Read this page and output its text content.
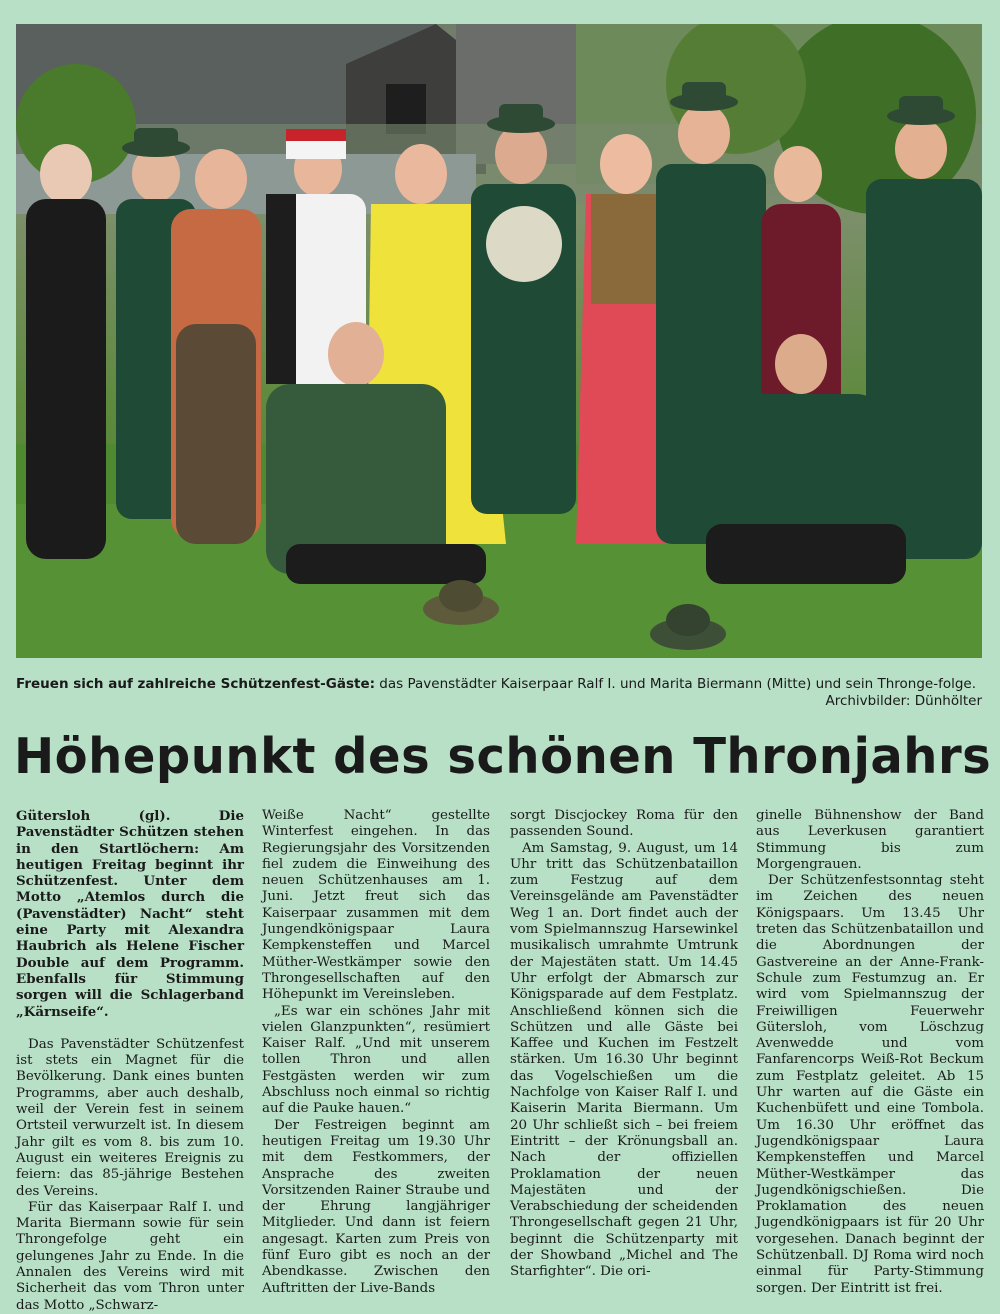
Freuen sich auf zahlreiche Schützenfest-Gäste: das Pavenstädter Kaiserpaar Ralf I. und Marita Biermann (Mitte) und sein Thronge-folge.
Archivbilder: Dünhölter
Höhepunkt des schönen Thronjahrs

Gütersloh (gl). Die Pavenstädter Schützen stehen in den Startlöchern: Am heutigen Freitag beginnt ihr Schützenfest. Unter dem Motto „Atemlos durch die (Pavenstädter) Nacht“ steht eine Party mit Alexandra Haubrich als Helene Fischer Double auf dem Programm. Ebenfalls für Stimmung sorgen will die Schlagerband „Kärnseife“.

Das Pavenstädter Schützenfest ist stets ein Magnet für die Bevölkerung. Dank eines bunten Programms, aber auch deshalb, weil der Verein fest in seinem Ortsteil verwurzelt ist. In diesem Jahr gilt es vom 8. bis zum 10. August ein weiteres Ereignis zu feiern: das 85-jährige Bestehen des Vereins.

Für das Kaiserpaar Ralf I. und Marita Biermann sowie für sein Throngefolge geht ein gelungenes Jahr zu Ende. In die Annalen des Vereins wird mit Sicherheit das vom Thron unter das Motto „Schwarz-

Weiße Nacht“ gestellte Winterfest eingehen. In das Regierungsjahr des Vorsitzenden fiel zudem die Einweihung des neuen Schützenhauses am 1. Juni. Jetzt freut sich das Kaiserpaar zusammen mit dem Jungendkönigspaar Laura Kempkensteffen und Marcel Müther-Westkämper sowie den Throngesellschaften auf den Höhepunkt im Vereinsleben.

„Es war ein schönes Jahr mit vielen Glanzpunkten“, resümiert Kaiser Ralf. „Und mit unserem tollen Thron und allen Festgästen werden wir zum Abschluss noch einmal so richtig auf die Pauke hauen.“

Der Festreigen beginnt am heutigen Freitag um 19.30 Uhr mit dem Festkommers, der Ansprache des zweiten Vorsitzenden Rainer Straube und der Ehrung langjähriger Mitglieder. Und dann ist feiern angesagt. Karten zum Preis von fünf Euro gibt es noch an der Abendkasse. Zwischen den Auftritten der Live-Bands

sorgt Discjockey Roma für den passenden Sound.

Am Samstag, 9. August, um 14 Uhr tritt das Schützenbataillon zum Festzug auf dem Vereinsgelände am Pavenstädter Weg 1 an. Dort findet auch der vom Spielmannszug Harsewinkel musikalisch umrahmte Umtrunk der Majestäten statt. Um 14.45 Uhr erfolgt der Abmarsch zur Königsparade auf dem Festplatz. Anschließend können sich die Schützen und alle Gäste bei Kaffee und Kuchen im Festzelt stärken. Um 16.30 Uhr beginnt das Vogelschießen um die Nachfolge von Kaiser Ralf I. und Kaiserin Marita Biermann. Um 20 Uhr schließt sich – bei freiem Eintritt – der Krönungsball an. Nach der offiziellen Proklamation der neuen Majestäten und der Verabschiedung der scheidenden Throngesellschaft gegen 21 Uhr, beginnt die Schützenparty mit der Showband „Michel and The Starfighter“. Die ori-

ginelle Bühnenshow der Band aus Leverkusen garantiert Stimmung bis zum Morgengrauen.

Der Schützenfestsonntag steht im Zeichen des neuen Königspaars. Um 13.45 Uhr treten das Schützenbataillon und die Abordnungen der Gastvereine an der Anne-Frank-Schule zum Festumzug an. Er wird vom Spielmannszug der Freiwilligen Feuerwehr Gütersloh, vom Löschzug Avenwedde und vom Fanfarencorps Weiß-Rot Beckum zum Festplatz geleitet. Ab 15 Uhr warten auf die Gäste ein Kuchenbüfett und eine Tombola. Um 16.30 Uhr eröffnet das Jugendkönigspaar Laura Kempkensteffen und Marcel Müther-Westkämper das Jugendkönigschießen. Die Proklamation des neuen Jugendkönigpaars ist für 20 Uhr vorgesehen. Danach beginnt der Schützenball. DJ Roma wird noch einmal für Party-Stimmung sorgen. Der Eintritt ist frei.
